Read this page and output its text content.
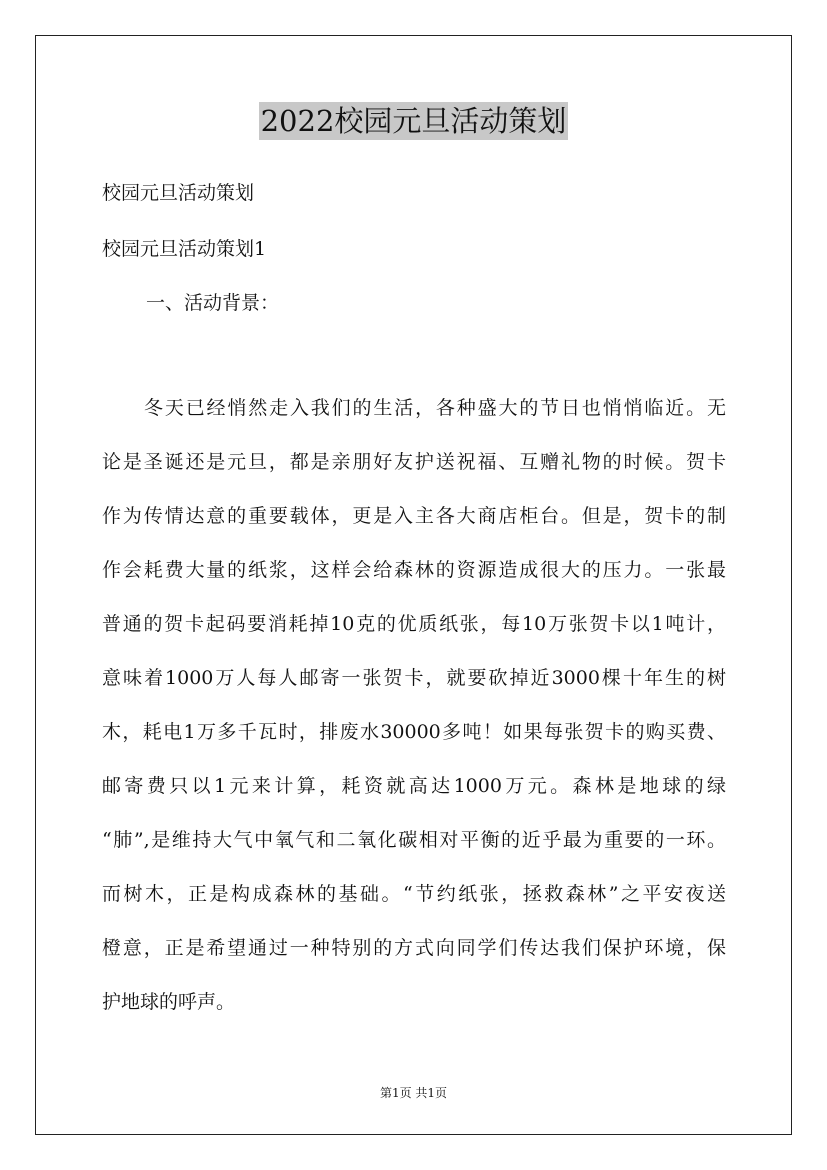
2022校园元旦活动策划
校园元旦活动策划
校园元旦活动策划1
一、活动背景：
冬天已经悄然走入我们的生活，各种盛大的节日也悄悄临近。无
论是圣诞还是元旦，都是亲朋好友护送祝福、互赠礼物的时候。贺卡
作为传情达意的重要载体，更是入主各大商店柜台。但是，贺卡的制
作会耗费大量的纸浆，这样会给森林的资源造成很大的压力。一张最
普通的贺卡起码要消耗掉10克的优质纸张，每10万张贺卡以1吨计，
意味着1000万人每人邮寄一张贺卡，就要砍掉近3000棵十年生的树
木，耗电1万多千瓦时，排废水30000多吨！如果每张贺卡的购买费、
邮寄费只以1元来计算，耗资就高达1000万元。森林是地球的绿
“肺”,是维持大气中氧气和二氧化碳相对平衡的近乎最为重要的一环。
而树木，正是构成森林的基础。“节约纸张，拯救森林”之平安夜送
橙意，正是希望通过一种特别的方式向同学们传达我们保护环境，保
护地球的呼声。
第1页 共1页
